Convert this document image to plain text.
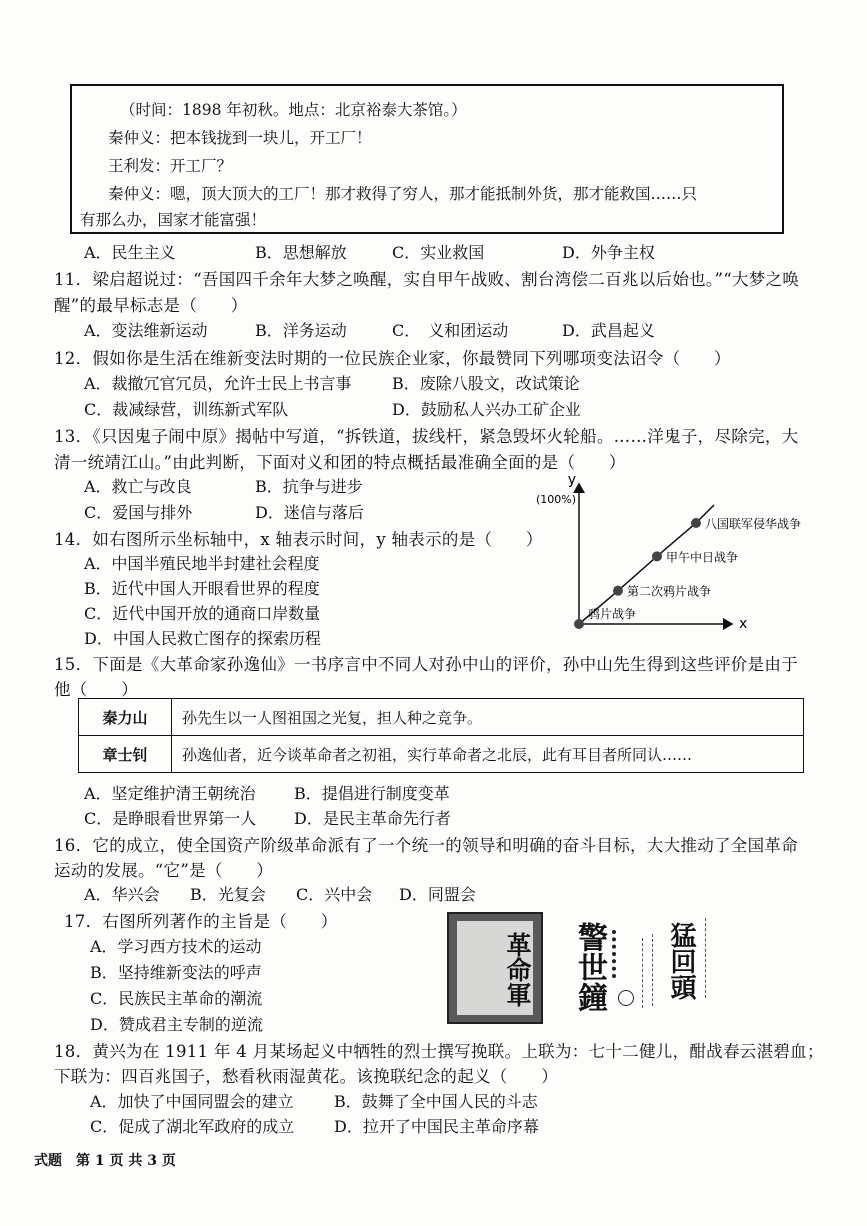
（时间：1898 年初秋。地点：北京裕泰大茶馆。）
秦仲义：把本钱拢到一块儿，开工厂！
王利发：开工厂？
秦仲义：嗯，顶大顶大的工厂！那才救得了穷人，那才能抵制外货，那才能救国……只
有那么办，国家才能富强！
A．民生主义	B．思想解放	C．实业救国	D．外争主权
11．梁启超说过：“吾国四千余年大梦之唤醒，实自甲午战败、割台湾偿二百兆以后始也。”“大梦之唤
醒”的最早标志是（　　）
A．变法维新运动	B．洋务运动	C．　义和团运动	D．武昌起义
12．假如你是生活在维新变法时期的一位民族企业家，你最赞同下列哪项变法诏令（　　）
A．裁撤冗官冗员，允许士民上书言事	B．废除八股文，改试策论
C．裁减绿营，训练新式军队	D．鼓励私人兴办工矿企业
13．《只因鬼子闹中原》揭帖中写道，“拆铁道，拔线杆，紧急毁坏火轮船。……洋鬼子，尽除完，大
清一统靖江山。”由此判断，下面对义和团的特点概括最准确全面的是（　　）
A．救亡与改良	B．抗争与进步
C．爱国与排外	D．迷信与落后
14．如右图所示坐标轴中，x 轴表示时间，y 轴表示的是（　　）
A．中国半殖民地半封建社会程度
B．近代中国人开眼看世界的程度
C．近代中国开放的通商口岸数量
D．中国人民救亡图存的探索历程
y
(100%)
x
鸦片战争
第二次鸦片战争
甲午中日战争
八国联军侵华战争
15．下面是《大革命家孙逸仙》一书序言中不同人对孙中山的评价，孙中山先生得到这些评价是由于
他（　　）
秦力山	孙先生以一人图祖国之光复，担人种之竞争。
章士钊	孙逸仙者，近今谈革命者之初祖，实行革命者之北辰，此有耳目者所同认……
A．坚定维护清王朝统治 B．提倡进行制度变革
C．是睁眼看世界第一人 D．是民主革命先行者
16．它的成立，使全国资产阶级革命派有了一个统一的领导和明确的奋斗目标，大大推动了全国革命
运动的发展。“它”是（　　）
A．华兴会 B．光复会 C．兴中会 D．同盟会
17．右图所列著作的主旨是（　　）
A．学习西方技术的运动
B．坚持维新变法的呼声
C．民族民主革命的潮流
D．赞成君主专制的逆流
革命軍 警世鐘 猛回頭
18．黄兴为在 1911 年 4 月某场起义中牺牲的烈士撰写挽联。上联为：七十二健儿，酣战春云湛碧血；
下联为：四百兆国子，愁看秋雨湿黄花。该挽联纪念的起义（　　）
A．加快了中国同盟会的建立	B．鼓舞了全中国人民的斗志
C．促成了湖北军政府的成立 D．拉开了中国民主革命序幕
式题　第 1 页 共 3 页
